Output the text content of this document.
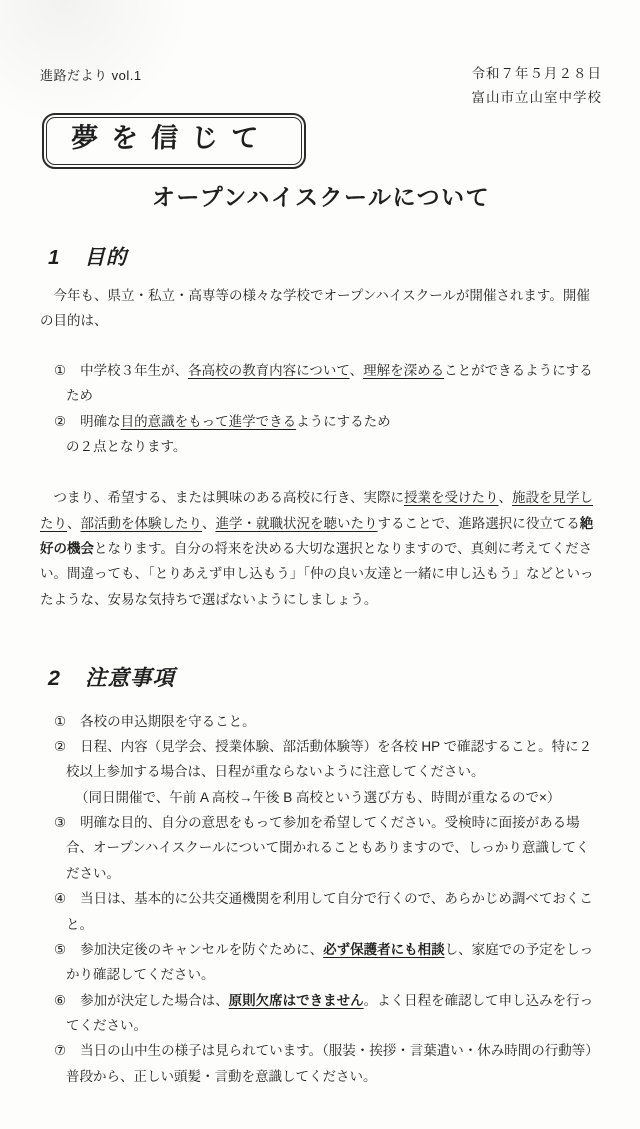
進路だより vol.1	令和７年５月２８日
富山市立山室中学校
夢を信じて
オープンハイスクールについて
1 目的

　今年も、県立・私立・高専等の様々な学校でオープンハイスクールが開催されます。開催の目的は、

① 中学校３年生が、各高校の教育内容について、理解を深めることができるようにするため
② 明確な目的意識をもって進学できるようにするため

の２点となります。

　つまり、希望する、または興味のある高校に行き、実際に授業を受けたり、施設を見学したり、部活動を体験したり、進学・就職状況を聴いたりすることで、進路選択に役立てる絶好の機会となります。自分の将来を決める大切な選択となりますので、真剣に考えてください。間違っても、「とりあえず申し込もう」「仲の良い友達と一緒に申し込もう」などといったような、安易な気持ちで選ばないようにしましょう。

2 注意事項
① 各校の申込期限を守ること。
② 日程、内容（見学会、授業体験、部活動体験等）を各校 HP で確認すること。特に２校以上参加する場合は、日程が重ならないように注意してください。
（同日開催で、午前 A 高校→午後 B 高校という選び方も、時間が重なるので×）
③ 明確な目的、自分の意思をもって参加を希望してください。受検時に面接がある場合、オープンハイスクールについて聞かれることもありますので、しっかり意識してください。
④ 当日は、基本的に公共交通機関を利用して自分で行くので、あらかじめ調べておくこと。
⑤ 参加決定後のキャンセルを防ぐために、必ず保護者にも相談し、家庭での予定をしっかり確認してください。
⑥ 参加が決定した場合は、原則欠席はできません。よく日程を確認して申し込みを行ってください。
⑦ 当日の山中生の様子は見られています。（服装・挨拶・言葉遣い・休み時間の行動等）普段から、正しい頭髪・言動を意識してください。
